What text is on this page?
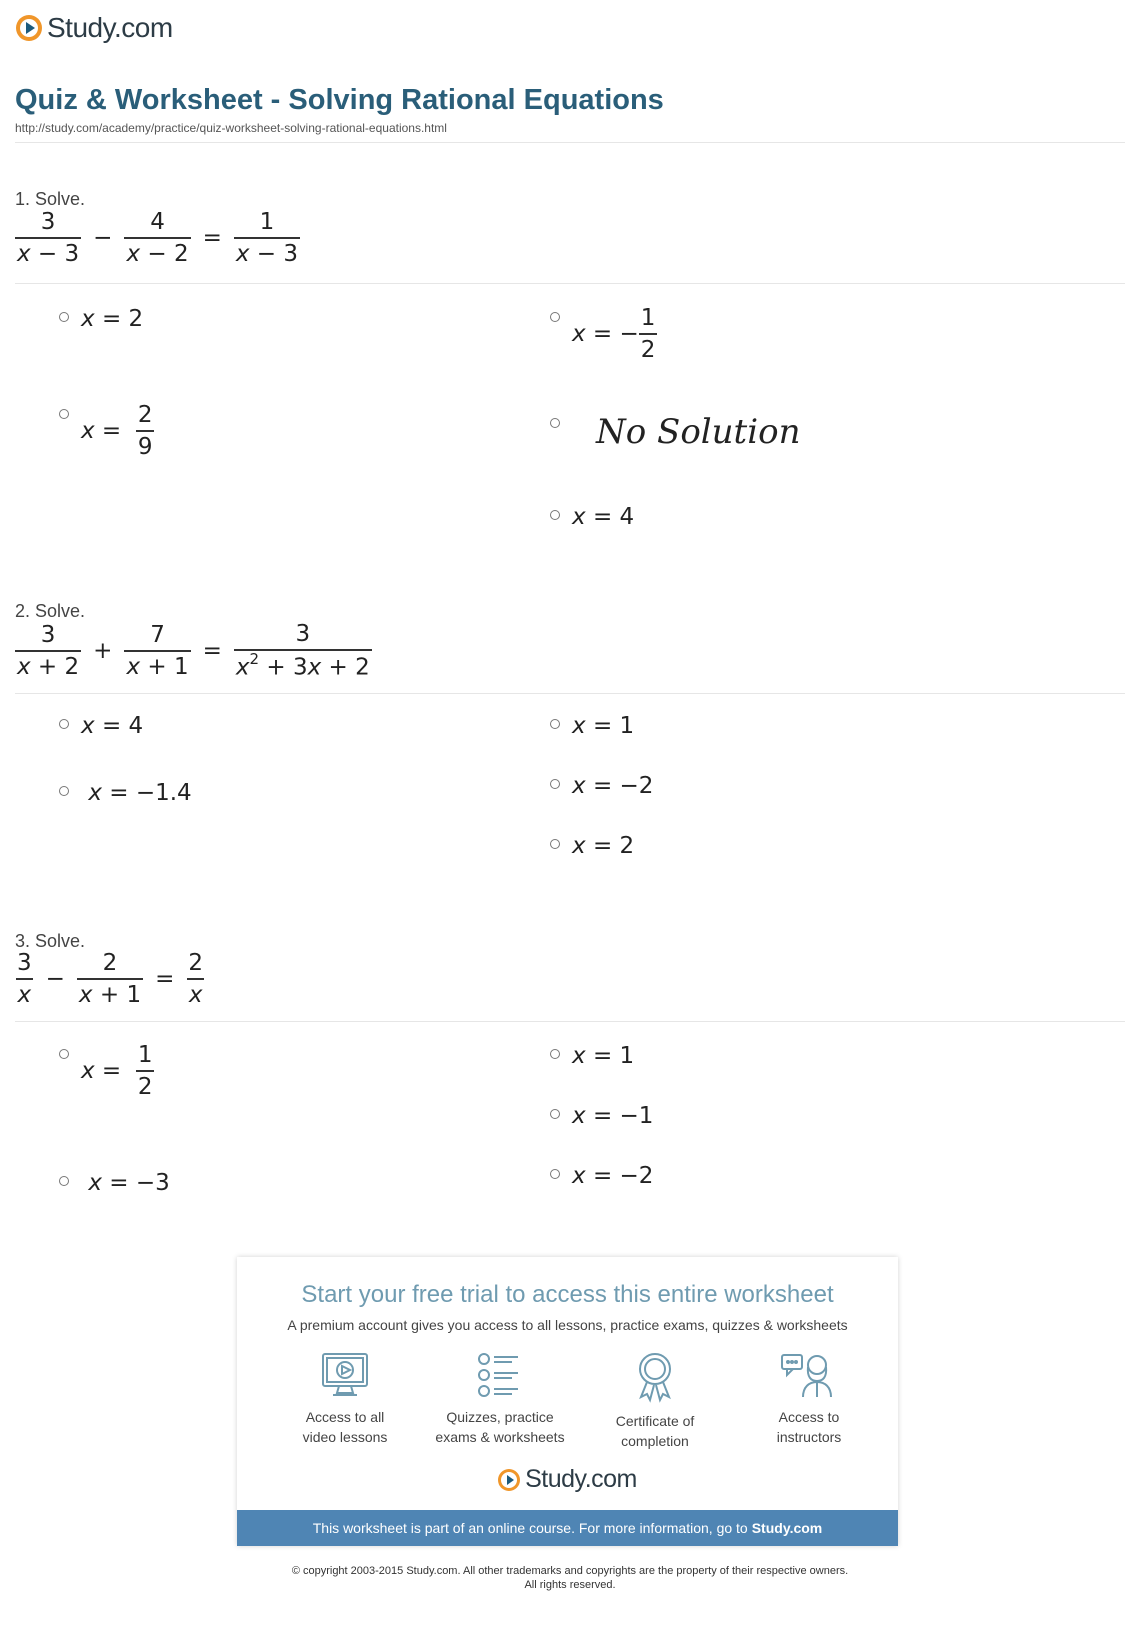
Study.com
Quiz & Worksheet - Solving Rational Equations
http://study.com/academy/practice/quiz-worksheet-solving-rational-equations.html
1. Solve.
$\frac{3}{x - 3} - \frac{4}{x - 2} = \frac{1}{x - 3}$
x
= 2
$x = \frac{2}{9}$
x = − $\frac{1}{2}$
No Solution
x
= 4
2. Solve.
$\frac{3}{x + 2} + \frac{7}{x + 1} = \frac{3}{x^2 + 3x + 2}$
x
= 4

x
= −1.4
x
= 1
x
= −2
x
= 2
3. Solve.
$\frac{3}{x} - \frac{2}{x + 1} = \frac{2}{x}$
$x = \frac{1}{2}$

x
= −3
x
= 1
x
= −1
x
= −2
Start your free trial to access this entire worksheet
A premium account gives you access to all lessons, practice exams, quizzes & worksheets
Access to all
video lessons
Quizzes, practice
exams & worksheets
Certificate of
completion
Access to
instructors
Study.com
This worksheet is part of an online course. For more information, go to Study.com
© copyright 2003-2015 Study.com. All other trademarks and copyrights are the property of their respective owners.
All rights reserved.
